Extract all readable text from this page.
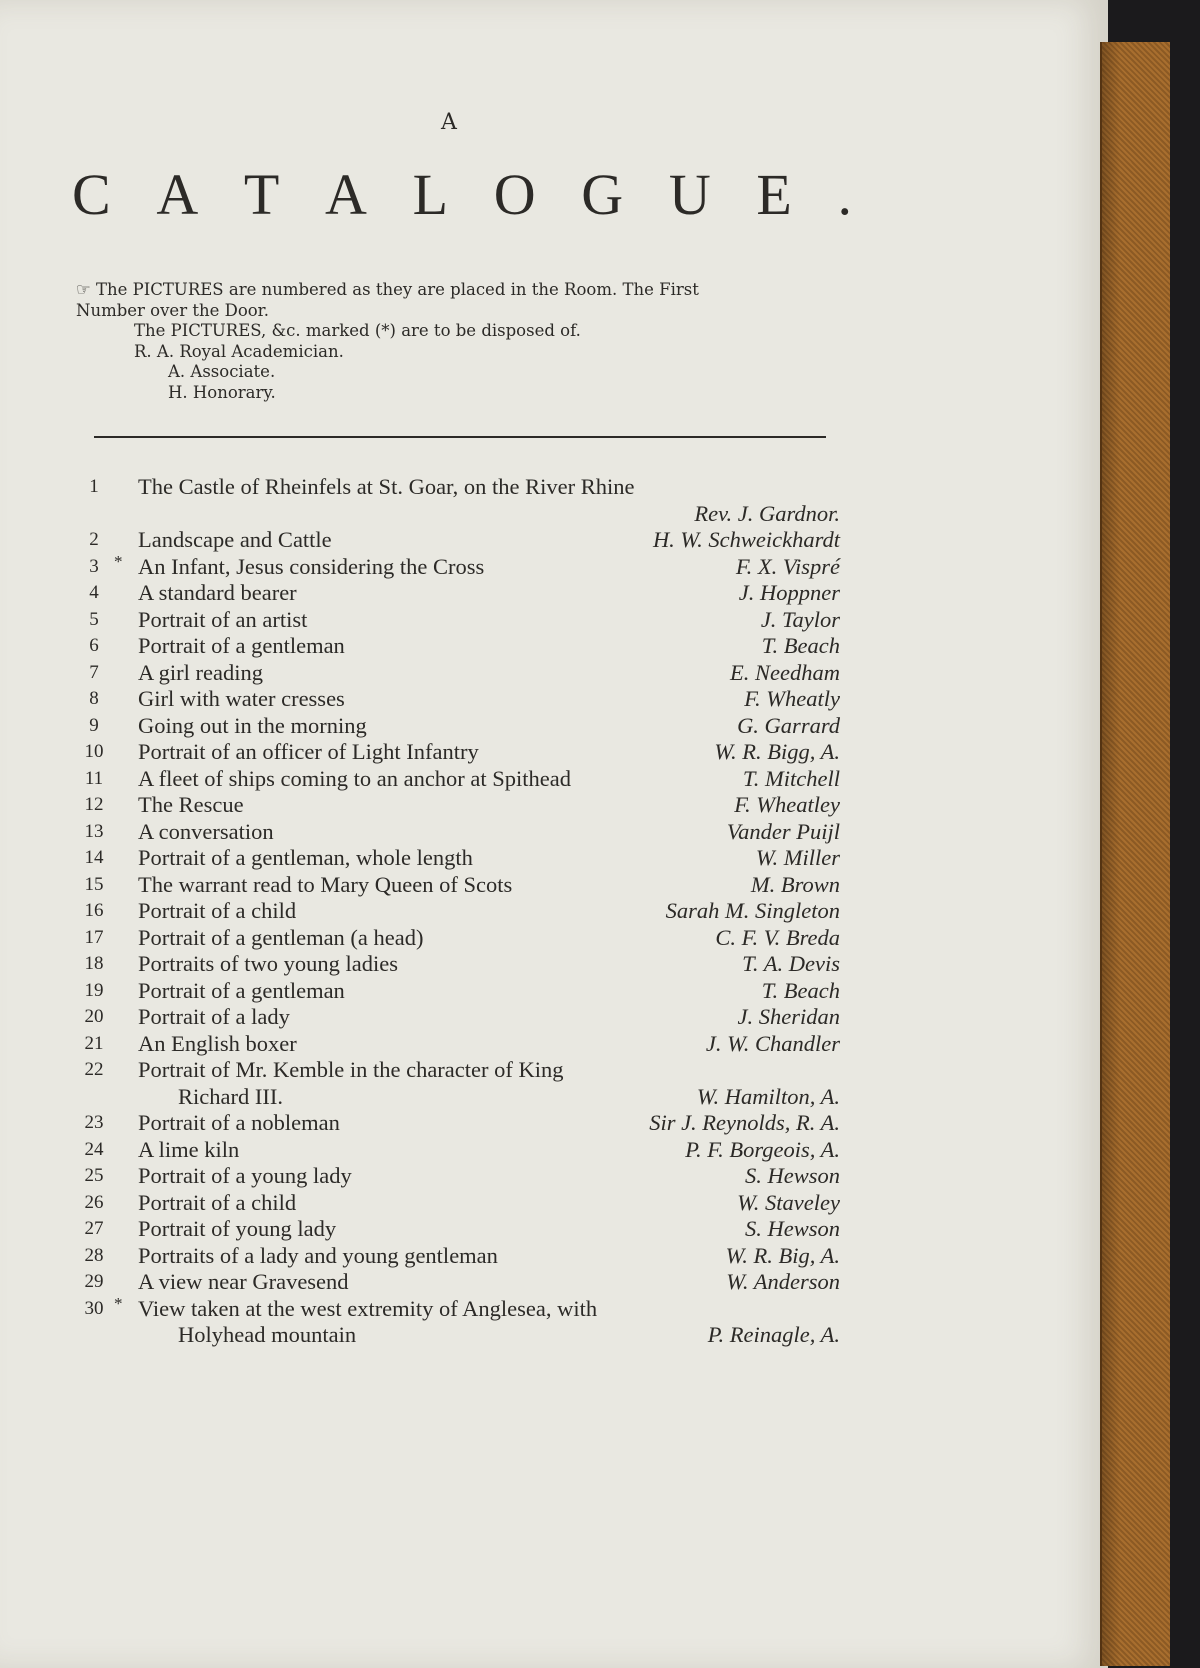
A
C A T A L O G U E .
☞ The PICTURES are numbered as they are placed in the Room. The First
Number over the Door.
The PICTURES, &c. marked (*) are to be disposed of.
R. A. Royal Academician.
A. Associate.
H. Honorary.
1	The Castle of Rheinfels at St. Goar, on the River Rhine
Rev. J. Gardnor.
2	Landscape and Cattle	H. W. Schweickhardt
3 * An Infant, Jesus considering the Cross	F. X. Vispré
4	A standard bearer	J. Hoppner
5	Portrait of an artist	J. Taylor
6	Portrait of a gentleman	T. Beach
7	A girl reading	E. Needham
8	Girl with water cresses	F. Wheatly
9	Going out in the morning	G. Garrard
10	Portrait of an officer of Light Infantry	W. R. Bigg, A.
11	A fleet of ships coming to an anchor at Spithead	T. Mitchell
12	The Rescue	F. Wheatley
13	A conversation	Vander Puijl
14	Portrait of a gentleman, whole length	W. Miller
15	The warrant read to Mary Queen of Scots	M. Brown
16	Portrait of a child	Sarah M. Singleton
17	Portrait of a gentleman (a head)	C. F. V. Breda
18	Portraits of two young ladies	T. A. Devis
19	Portrait of a gentleman	T. Beach
20	Portrait of a lady	J. Sheridan
21	An English boxer	J. W. Chandler
22	Portrait of Mr. Kemble in the character of King
Richard III.	W. Hamilton, A.
23	Portrait of a nobleman	Sir J. Reynolds, R. A.
24	A lime kiln	P. F. Borgeois, A.
25	Portrait of a young lady	S. Hewson
26	Portrait of a child	W. Staveley
27	Portrait of young lady	S. Hewson
28	Portraits of a lady and young gentleman	W. R. Big, A.
29	A view near Gravesend	W. Anderson
30 * View taken at the west extremity of Anglesea, with
Holyhead mountain	P. Reinagle, A.
